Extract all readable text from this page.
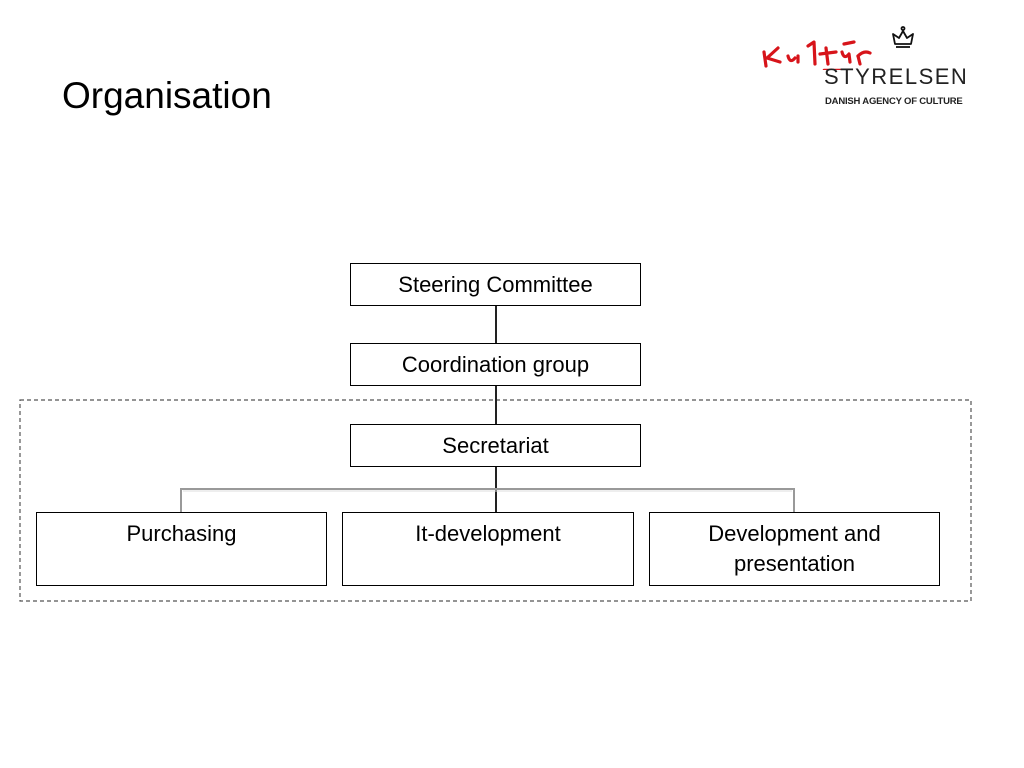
Organisation	STYRELSEN
DANISH AGENCY OF CULTURE
Steering Committee
Coordination group
Secretariat
Purchasing	It-development	Development and presentation
